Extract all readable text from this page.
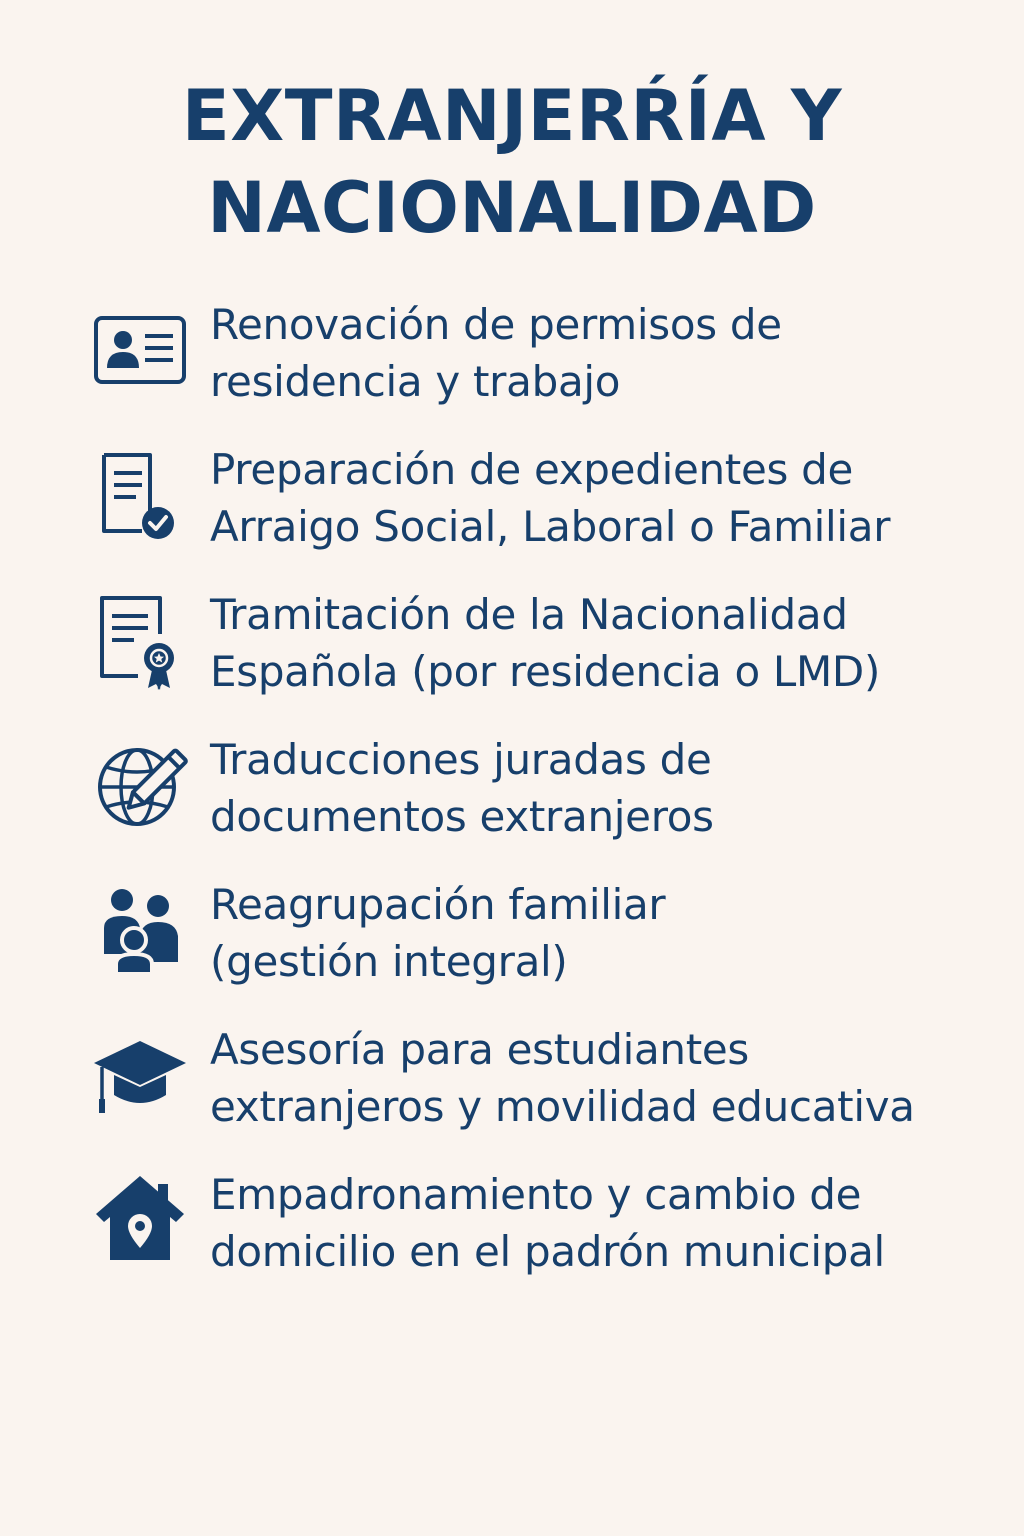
EXTRANJERŔÍA Y
NACIONALIDAD
Renovación de permisos de
residencia y trabajo
Preparación de expedientes de
Arraigo Social, Laboral o Familiar
Tramitación de la Nacionalidad
Española (por residencia o LMD)
Traducciones juradas de
documentos extranjeros
Reagrupación familiar
(gestión integral)
Asesoría para estudiantes
extranjeros y movilidad educativa
Empadronamiento y cambio de
domicilio en el padrón municipal
